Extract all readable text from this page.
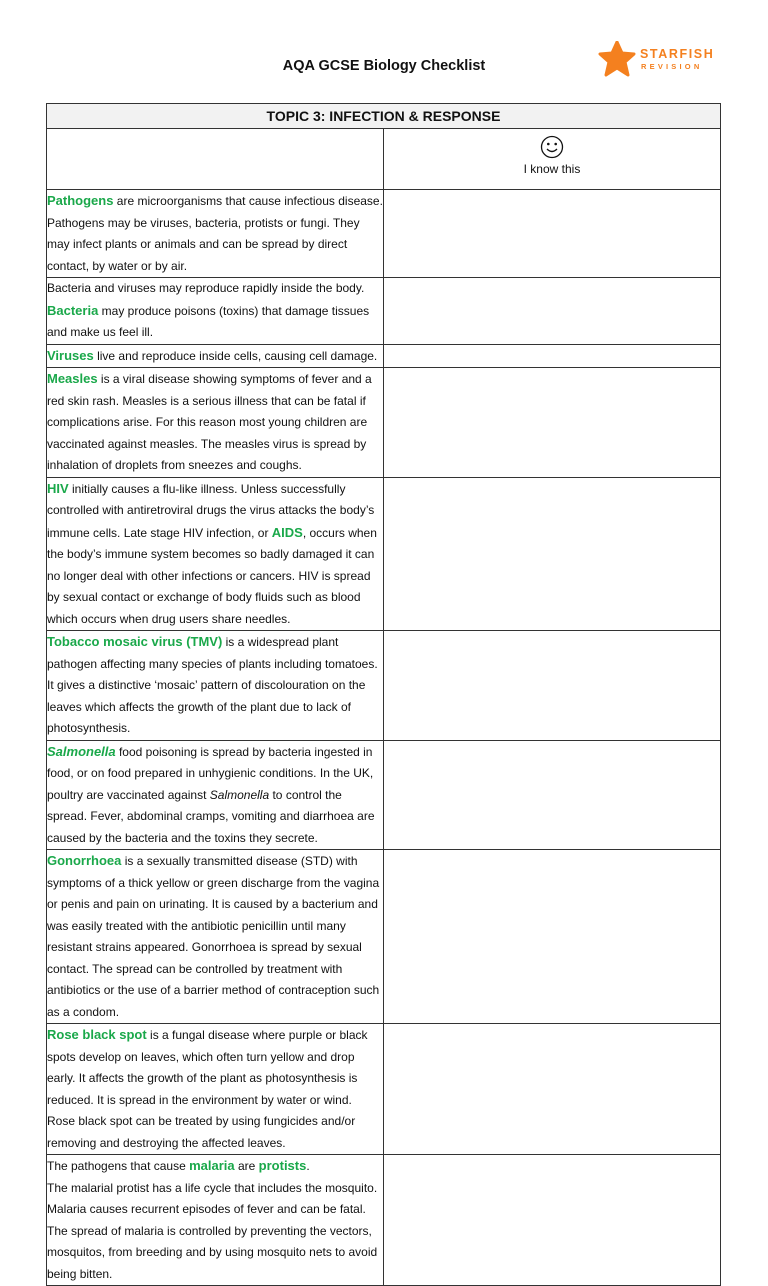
AQA GCSE Biology Checklist
STARFISH
REVISION
TOPIC 3: INFECTION & RESPONSE	

	I know this

Pathogens are microorganisms that cause infectious disease. Pathogens may be viruses, bacteria, protists or fungi. They may infect plants or animals and can be spread by direct contact, by water or by air.	
Bacteria and viruses may reproduce rapidly inside the body.
Bacteria may produce poisons (toxins) that damage tissues and make us feel ill.	
Viruses live and reproduce inside cells, causing cell damage.	
Measles is a viral disease showing symptoms of fever and a red skin rash. Measles is a serious illness that can be fatal if complications arise. For this reason most young children are vaccinated against measles. The measles virus is spread by inhalation of droplets from sneezes and coughs.	
HIV initially causes a flu-like illness. Unless successfully controlled with antiretroviral drugs the virus attacks the body’s immune cells. Late stage HIV infection, or AIDS, occurs when the body’s immune system becomes so badly damaged it can no longer deal with other infections or cancers. HIV is spread by sexual contact or exchange of body fluids such as blood which occurs when drug users share needles.	
Tobacco mosaic virus (TMV) is a widespread plant pathogen affecting many species of plants including tomatoes. It gives a distinctive ‘mosaic’ pattern of discolouration on the leaves which affects the growth of the plant due to lack of photosynthesis.	
Salmonella food poisoning is spread by bacteria ingested in food, or on food prepared in unhygienic conditions. In the UK, poultry are vaccinated against Salmonella to control the spread. Fever, abdominal cramps, vomiting and diarrhoea are caused by the bacteria and the toxins they secrete.	
Gonorrhoea is a sexually transmitted disease (STD) with symptoms of a thick yellow or green discharge from the vagina or penis and pain on urinating. It is caused by a bacterium and was easily treated with the antibiotic penicillin until many resistant strains appeared. Gonorrhoea is spread by sexual contact. The spread can be controlled by treatment with antibiotics or the use of a barrier method of contraception such as a condom.	
Rose black spot is a fungal disease where purple or black spots develop on leaves, which often turn yellow and drop early. It affects the growth of the plant as photosynthesis is reduced. It is spread in the environment by water or wind. Rose black spot can be treated by using fungicides and/or removing and destroying the affected leaves.	
The pathogens that cause malaria are protists.
The malarial protist has a life cycle that includes the mosquito. Malaria causes recurrent episodes of fever and can be fatal. The spread of malaria is controlled by preventing the vectors, mosquitos, from breeding and by using mosquito nets to avoid being bitten.	
